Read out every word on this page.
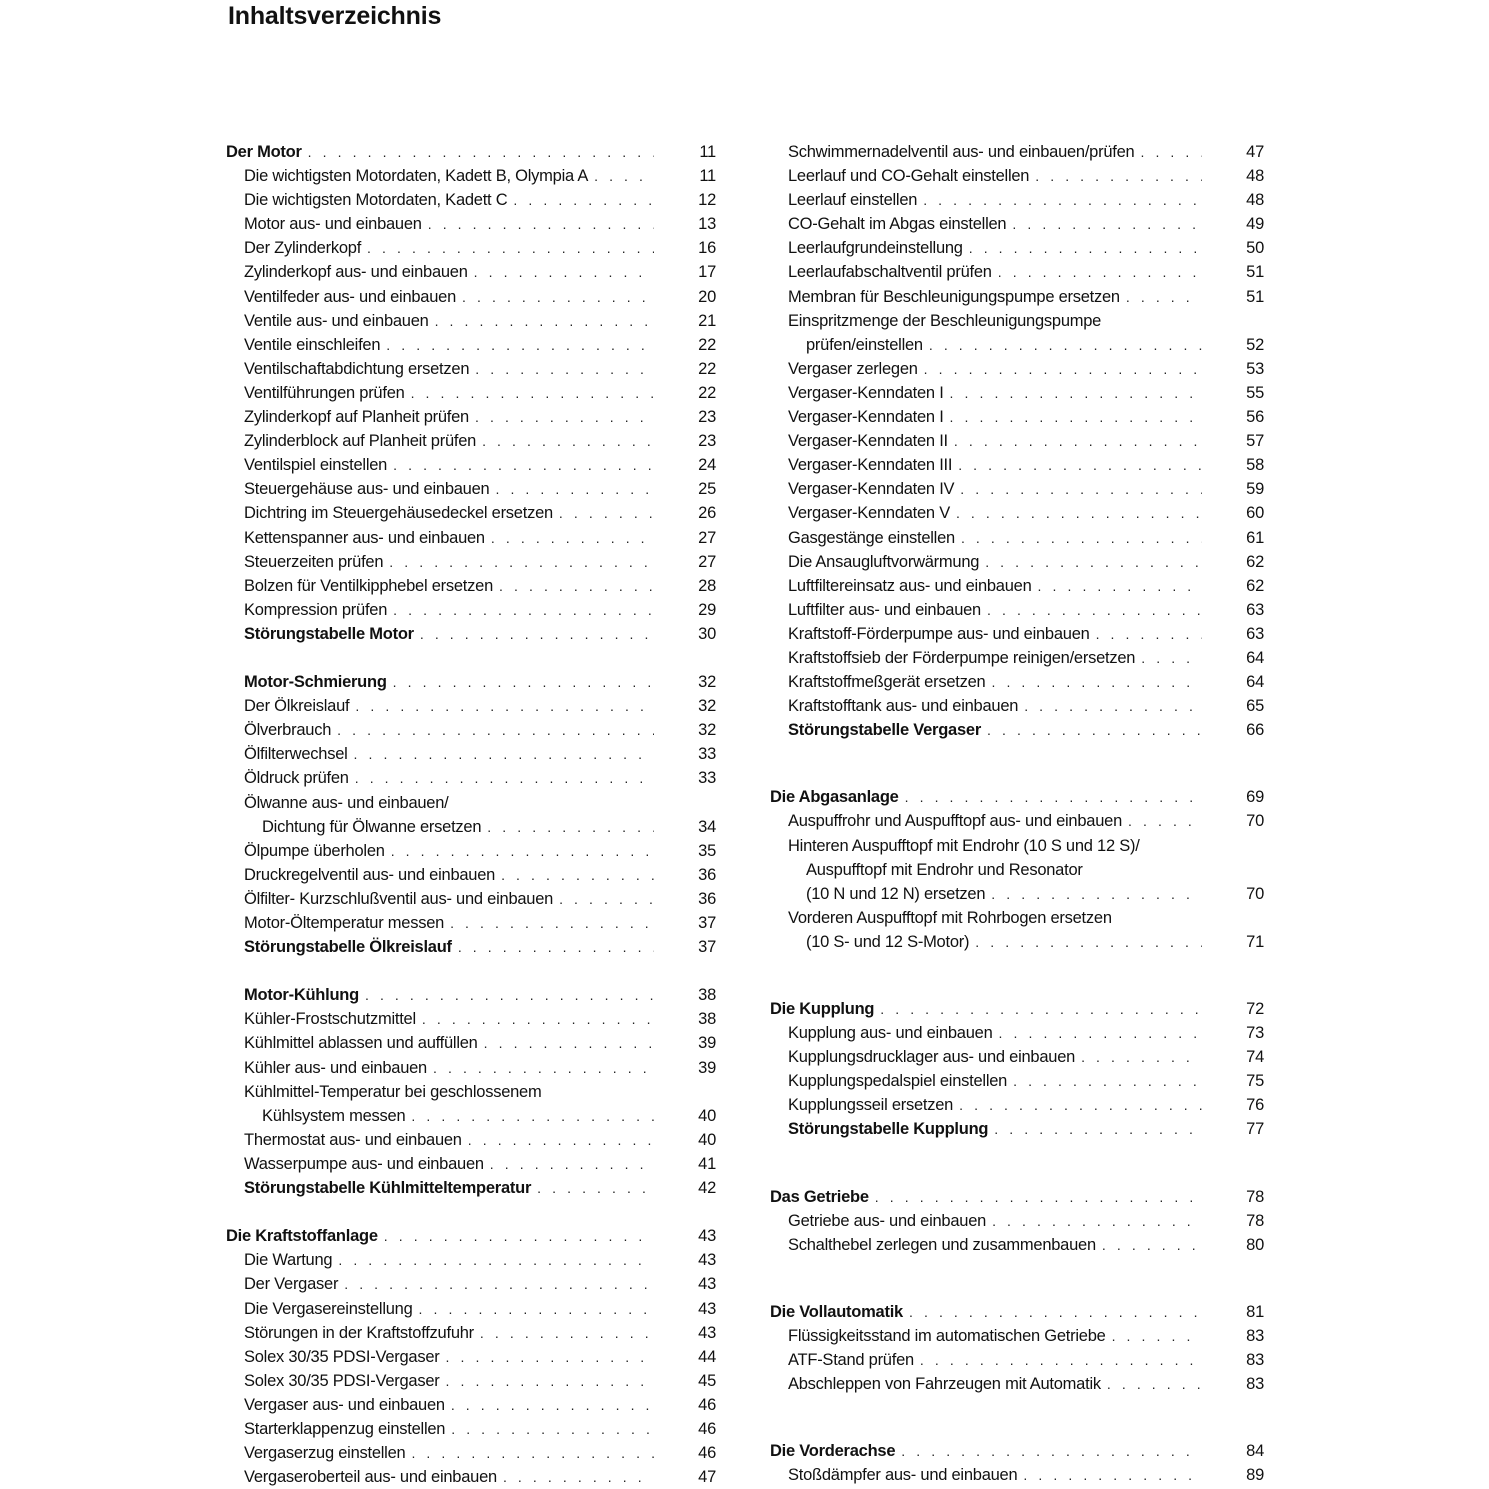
Inhaltsverzeichnis
Der Motor . . .	11
Die wichtigsten Motordaten, Kadett B, Olympia A . . .	11
Die wichtigsten Motordaten, Kadett C . . .	12
Motor aus- und einbauen . . .	13
Der Zylinderkopf . . .	16
Zylinderkopf aus- und einbauen . . .	17
Ventilfeder aus- und einbauen . . .	20
Ventile aus- und einbauen . . .	21
Ventile einschleifen . . .	22
Ventilschaftabdichtung ersetzen . . .	22
Ventilführungen prüfen . . .	22
Zylinderkopf auf Planheit prüfen . . .	23
Zylinderblock auf Planheit prüfen . . .	23
Ventilspiel einstellen . . .	24
Steuergehäuse aus- und einbauen . . .	25
Dichtring im Steuergehäusedeckel ersetzen . . .	26
Kettenspanner aus- und einbauen . . .	27
Steuerzeiten prüfen . . .	27
Bolzen für Ventilkipphebel ersetzen . . .	28
Kompression prüfen . . .	29
Störungstabelle Motor . . .	30
Motor-Schmierung . . .	32
Der Ölkreislauf . . .	32
Ölverbrauch . . .	32
Ölfilterwechsel . . .	33
Öldruck prüfen . . .	33
Ölwanne aus- und einbauen/
Dichtung für Ölwanne ersetzen . . .	34
Ölpumpe überholen . . .	35
Druckregelventil aus- und einbauen . . .	36
Ölfilter- Kurzschlußventil aus- und einbauen . . .	36
Motor-Öltemperatur messen . . .	37
Störungstabelle Ölkreislauf . . .	37
Motor-Kühlung . . .	38
Kühler-Frostschutzmittel . . .	38
Kühlmittel ablassen und auffüllen . . .	39
Kühler aus- und einbauen . . .	39
Kühlmittel-Temperatur bei geschlossenem
Kühlsystem messen . . .	40
Thermostat aus- und einbauen . . .	40
Wasserpumpe aus- und einbauen . . .	41
Störungstabelle Kühlmitteltemperatur . . .	42
Die Kraftstoffanlage . . .	43
Die Wartung . . .	43
Der Vergaser . . .	43
Die Vergasereinstellung . . .	43
Störungen in der Kraftstoffzufuhr . . .	43
Solex 30/35 PDSI-Vergaser . . .	44
Solex 30/35 PDSI-Vergaser . . .	45
Vergaser aus- und einbauen . . .	46
Starterklappenzug einstellen . . .	46
Vergaserzug einstellen . . .	46
Vergaseroberteil aus- und einbauen . . .	47
Schwimmernadelventil aus- und einbauen/prüfen . . .	47
Leerlauf und CO-Gehalt einstellen . . .	48
Leerlauf einstellen . . .	48
CO-Gehalt im Abgas einstellen . . .	49
Leerlaufgrundeinstellung . . .	50
Leerlaufabschaltventil prüfen . . .	51
Membran für Beschleunigungspumpe ersetzen . . .	51
Einspritzmenge der Beschleunigungspumpe
prüfen/einstellen . . .	52
Vergaser zerlegen . . .	53
Vergaser-Kenndaten I . . .	55
Vergaser-Kenndaten I . . .	56
Vergaser-Kenndaten II . . .	57
Vergaser-Kenndaten III . . .	58
Vergaser-Kenndaten IV . . .	59
Vergaser-Kenndaten V . . .	60
Gasgestänge einstellen . . .	61
Die Ansaugluftvorwärmung . . .	62
Luftfiltereinsatz aus- und einbauen . . .	62
Luftfilter aus- und einbauen . . .	63
Kraftstoff-Förderpumpe aus- und einbauen . . .	63
Kraftstoffsieb der Förderpumpe reinigen/ersetzen . . .	64
Kraftstoffmeßgerät ersetzen . . .	64
Kraftstofftank aus- und einbauen . . .	65
Störungstabelle Vergaser . . .	66
Die Abgasanlage . . .	69
Auspuffrohr und Auspufftopf aus- und einbauen . . .	70
Hinteren Auspufftopf mit Endrohr (10 S und 12 S)/
Auspufftopf mit Endrohr und Resonator
(10 N und 12 N) ersetzen . . .	70
Vorderen Auspufftopf mit Rohrbogen ersetzen
(10 S- und 12 S-Motor) . . .	71
Die Kupplung . . .	72
Kupplung aus- und einbauen . . .	73
Kupplungsdrucklager aus- und einbauen . . .	74
Kupplungspedalspiel einstellen . . .	75
Kupplungsseil ersetzen . . .	76
Störungstabelle Kupplung . . .	77
Das Getriebe . . .	78
Getriebe aus- und einbauen . . .	78
Schalthebel zerlegen und zusammenbauen . . .	80
Die Vollautomatik . . .	81
Flüssigkeitsstand im automatischen Getriebe . . .	83
ATF-Stand prüfen . . .	83
Abschleppen von Fahrzeugen mit Automatik . . .	83
Die Vorderachse . . .	84
Stoßdämpfer aus- und einbauen . . .	89
